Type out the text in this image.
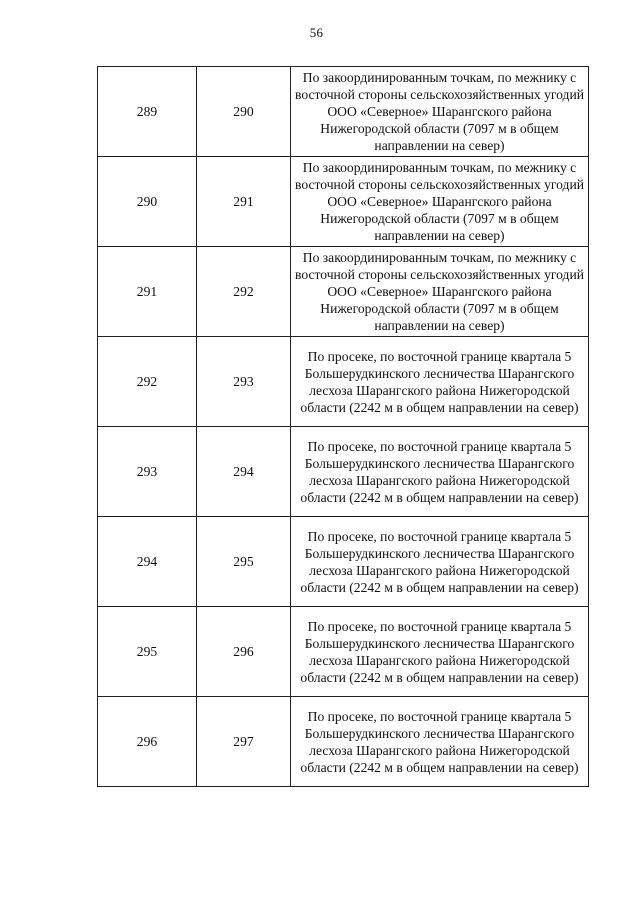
56
289	290	По закоординированным точкам, по межнику с восточной стороны сельскохозяйственных угодий ООО «Северное» Шарангского района Нижегородской области (7097 м в общем направлении на север)
290	291	По закоординированным точкам, по межнику с восточной стороны сельскохозяйственных угодий ООО «Северное» Шарангского района Нижегородской области (7097 м в общем направлении на север)
291	292	По закоординированным точкам, по межнику с восточной стороны сельскохозяйственных угодий ООО «Северное» Шарангского района Нижегородской области (7097 м в общем направлении на север)
292	293	По просеке, по восточной границе квартала 5 Большерудкинского лесничества Шарангского лесхоза Шарангского района Нижегородской области (2242 м в общем направлении на север)
293	294	По просеке, по восточной границе квартала 5 Большерудкинского лесничества Шарангского лесхоза Шарангского района Нижегородской области (2242 м в общем направлении на север)
294	295	По просеке, по восточной границе квартала 5 Большерудкинского лесничества Шарангского лесхоза Шарангского района Нижегородской области (2242 м в общем направлении на север)
295	296	По просеке, по восточной границе квартала 5 Большерудкинского лесничества Шарангского лесхоза Шарангского района Нижегородской области (2242 м в общем направлении на север)
296	297	По просеке, по восточной границе квартала 5 Большерудкинского лесничества Шарангского лесхоза Шарангского района Нижегородской области (2242 м в общем направлении на север)
